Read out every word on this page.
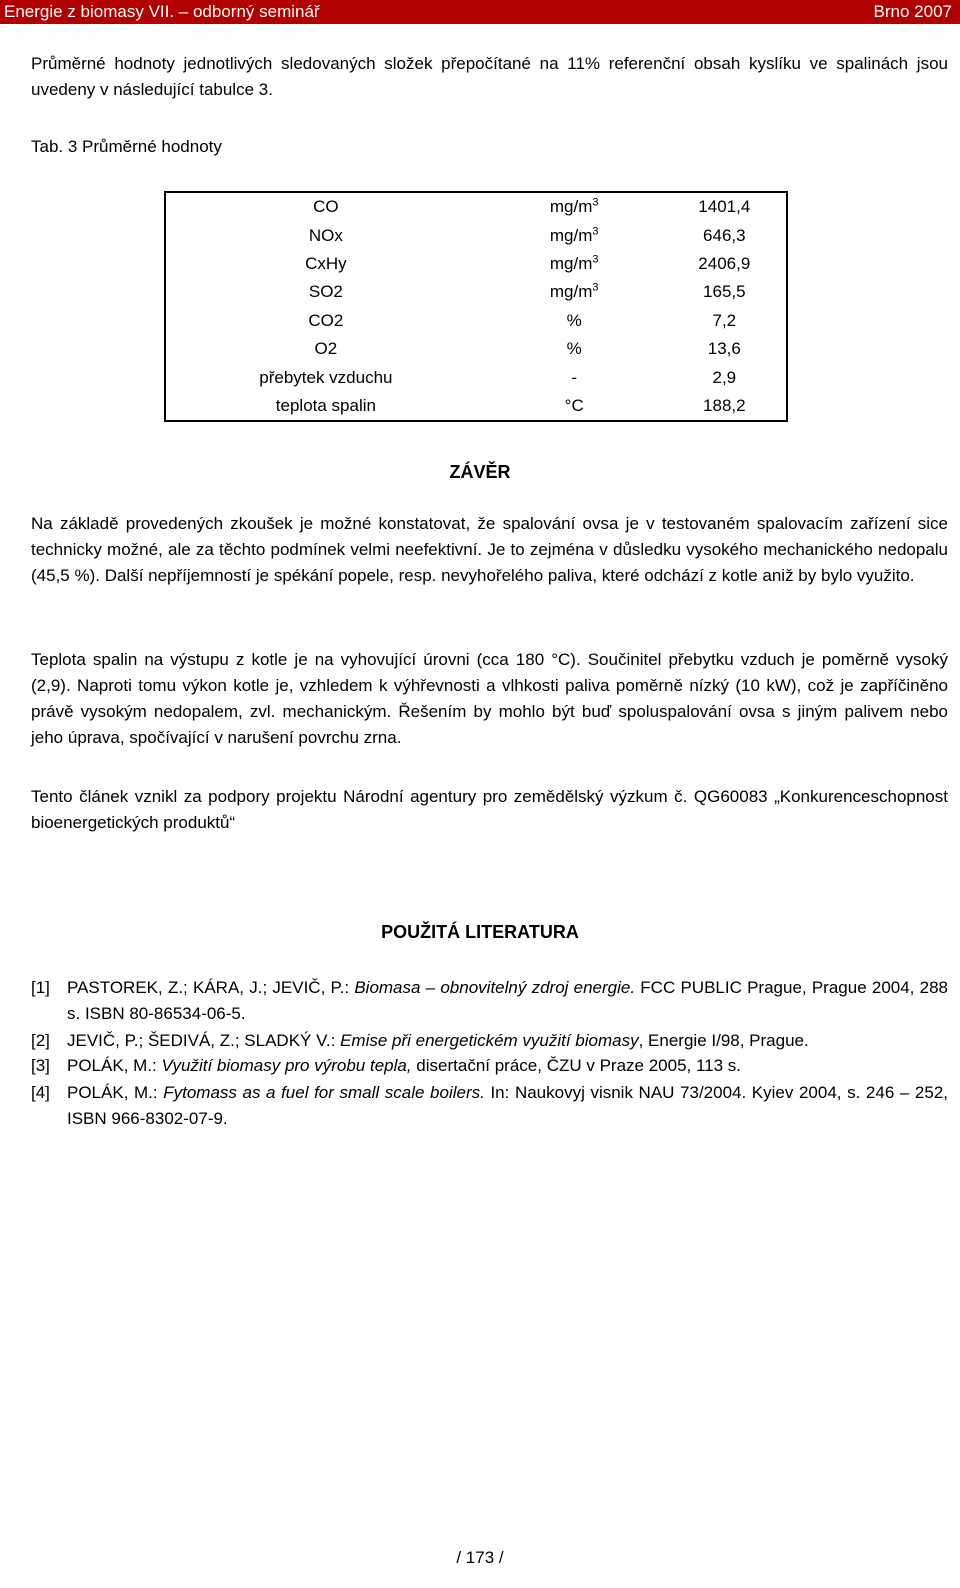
Energie z biomasy VII. – odborný seminář	Brno 2007
Průměrné hodnoty jednotlivých sledovaných složek přepočítané na 11% referenční obsah kyslíku ve spalinách jsou uvedeny v následující tabulce 3.
Tab. 3 Průměrné hodnoty
CO	$mg/m^3$	1401,4
NOx	$mg/m^3$	646,3
CxHy	$mg/m^3$	2406,9
SO2	$mg/m^3$	165,5
CO2	%	7,2
O2	%	13,6
přebytek vzduchu	-	2,9
teplota spalin	°C	188,2
ZÁVĚR
Na základě provedených zkoušek je možné konstatovat, že spalování ovsa je v testovaném spalovacím zařízení sice technicky možné, ale za těchto podmínek velmi neefektivní. Je to zejména v důsledku vysokého mechanického nedopalu (45,5 %). Další nepříjemností je spékání popele, resp. nevyhořelého paliva, které odchází z kotle aniž by bylo využito.
Teplota spalin na výstupu z kotle je na vyhovující úrovni (cca 180 °C). Součinitel přebytku vzduch je poměrně vysoký (2,9). Naproti tomu výkon kotle je, vzhledem k výhřevnosti a vlhkosti paliva poměrně nízký (10 kW), což je zapříčiněno právě vysokým nedopalem, zvl. mechanickým. Řešením by mohlo být buď spoluspalování ovsa s jiným palivem nebo jeho úprava, spočívající v narušení povrchu zrna.
Tento článek vznikl za podpory projektu Národní agentury pro zemědělský výzkum č. QG60083 „Konkurenceschopnost bioenergetických produktů“
POUŽITÁ LITERATURA
[1] PASTOREK, Z.; KÁRA, J.; JEVIČ, P.: Biomasa – obnovitelný zdroj energie. FCC PUBLIC Prague, Prague 2004, 288 s. ISBN 80-86534-06-5.
[2] JEVIČ, P.; ŠEDIVÁ, Z.; SLADKÝ V.: Emise při energetickém využití biomasy, Energie I/98, Prague.
[3] POLÁK, M.: Využití biomasy pro výrobu tepla, disertační práce, ČZU v Praze 2005, 113 s.
[4] POLÁK, M.: Fytomass as a fuel for small scale boilers. In: Naukovyj visnik NAU 73/2004. Kyiev 2004, s. 246 – 252, ISBN 966-8302-07-9.
/ 173 /
